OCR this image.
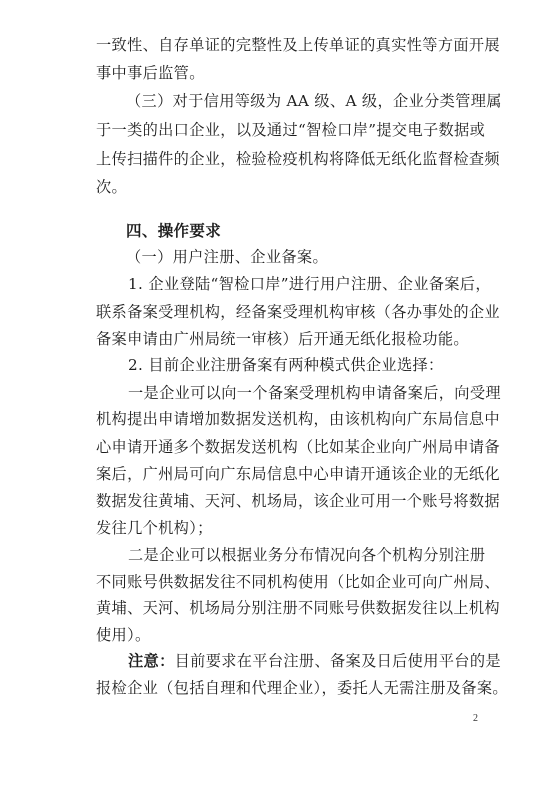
一致性、自存单证的完整性及上传单证的真实性等方面开展
事中事后监管。
（三）对于信用等级为 AA 级、A 级，企业分类管理属
于一类的出口企业，以及通过“智检口岸”提交电子数据或
上传扫描件的企业，检验检疫机构将降低无纸化监督检查频
次。
四、操作要求
（一）用户注册、企业备案。
1. 企业登陆“智检口岸”进行用户注册、企业备案后，
联系备案受理机构，经备案受理机构审核（各办事处的企业
备案申请由广州局统一审核）后开通无纸化报检功能。
2. 目前企业注册备案有两种模式供企业选择：
一是企业可以向一个备案受理机构申请备案后，向受理
机构提出申请增加数据发送机构，由该机构向广东局信息中
心申请开通多个数据发送机构（比如某企业向广州局申请备
案后，广州局可向广东局信息中心申请开通该企业的无纸化
数据发往黄埔、天河、机场局，该企业可用一个账号将数据
发往几个机构）；
二是企业可以根据业务分布情况向各个机构分别注册
不同账号供数据发往不同机构使用（比如企业可向广州局、
黄埔、天河、机场局分别注册不同账号供数据发往以上机构
使用）。
注意：目前要求在平台注册、备案及日后使用平台的是
报检企业（包括自理和代理企业），委托人无需注册及备案。
2
